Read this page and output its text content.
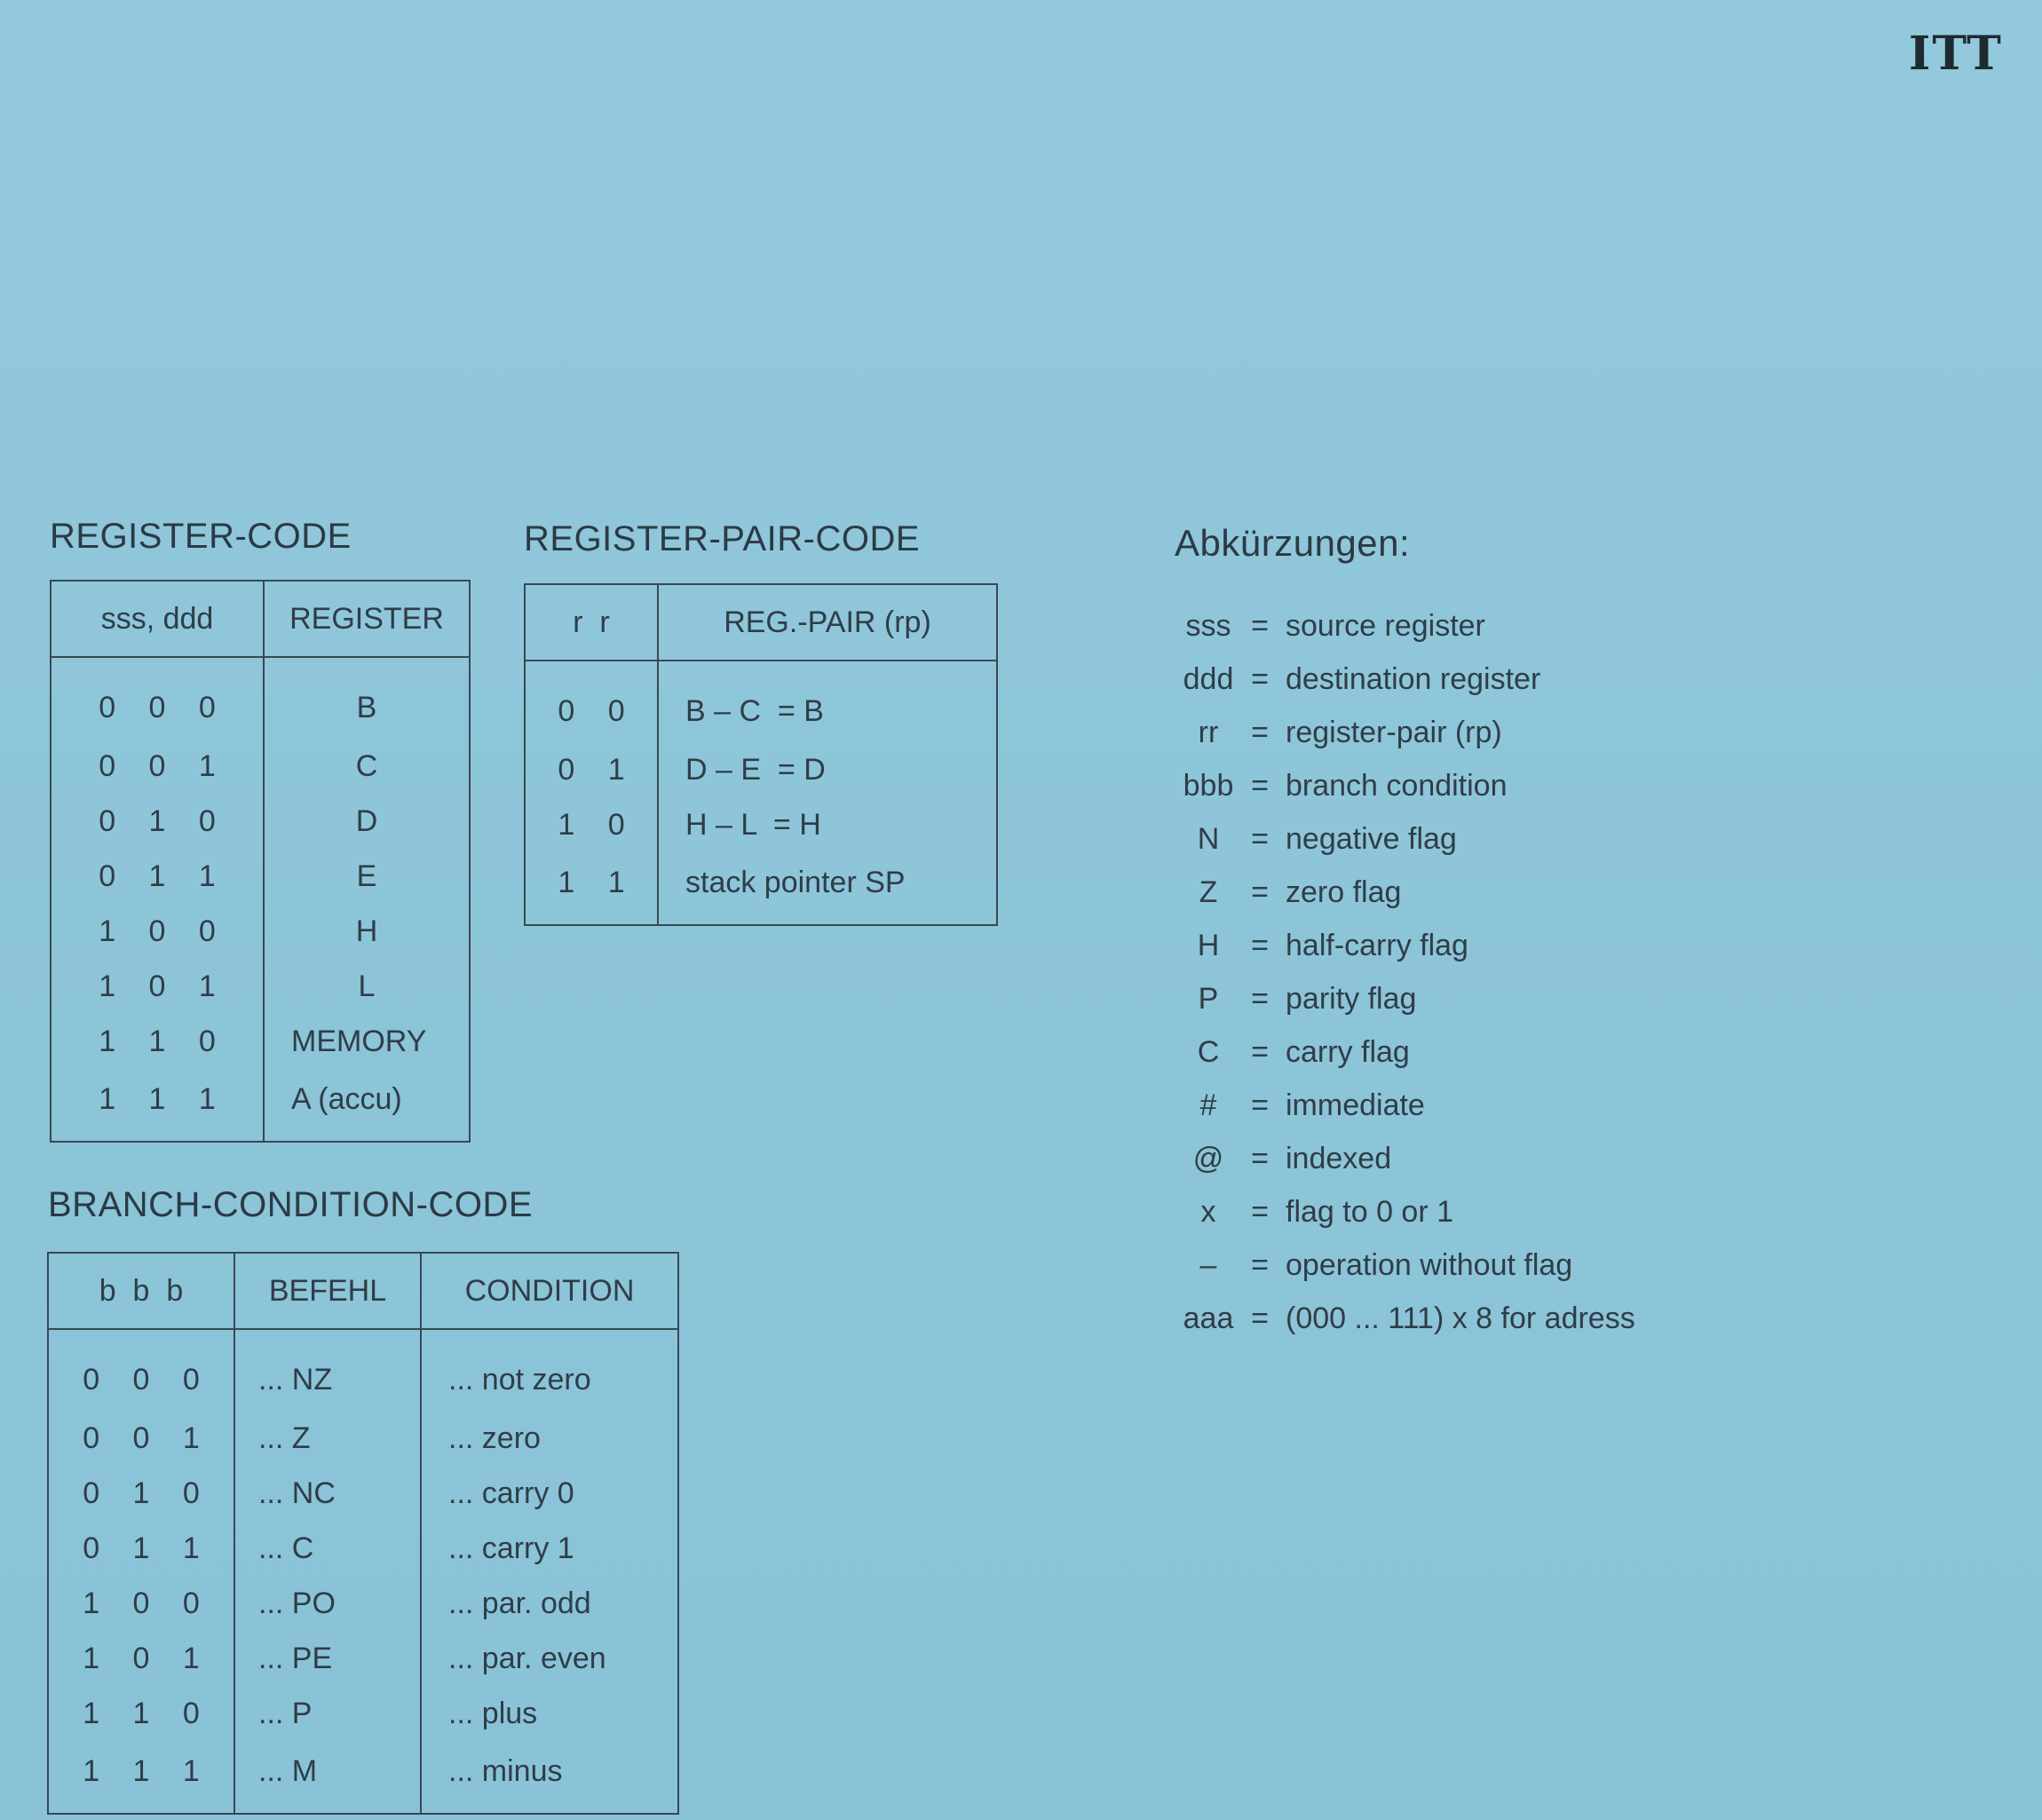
ITT
REGISTER-CODE
sss, ddd	REGISTER
0 0 0	B
0 0 1	C
0 1 0	D
0 1 1	E
1 0 0	H
1 0 1	L
1 1 0	MEMORY
1 1 1	A (accu)
REGISTER-PAIR-CODE
r  r	REG.-PAIR (rp)
0 0	B – C  = B
0 1	D – E  = D
1 0	H – L  = H
1 1	stack pointer SP
BRANCH-CONDITION-CODE
b  b  b	BEFEHL	CONDITION
0 0 0	... NZ	... not zero
0 0 1	... Z	... zero
0 1 0	... NC	... carry 0
0 1 1	... C	... carry 1
1 0 0	... PO	... par. odd
1 0 1	... PE	... par. even
1 1 0	... P	... plus
1 1 1	... M	... minus
Abkürzungen:
sss = source register
ddd = destination register
rr	= register-pair (rp)
bbb = branch condition
N	= negative flag
Z	= zero flag
H	= half-carry flag
P	= parity flag
C	= carry flag
#	= immediate
@ = indexed
x	= flag to 0 or 1
–	= operation without flag
aaa = (000 ... 111) x 8 for adress
